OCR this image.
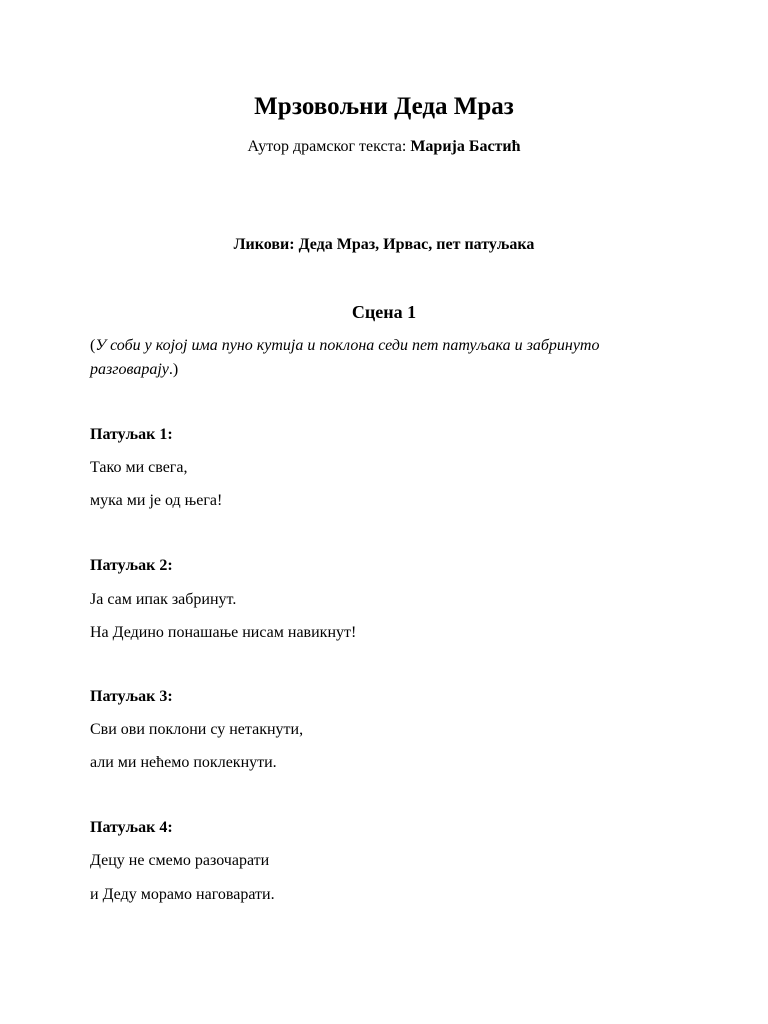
Мрзовољни Деда Мраз

Аутор драмског текста: Марија Бастић

Ликови: Деда Мраз, Ирвас, пет патуљака

Сцена 1

(У соби у којој има пуно кутија и поклона седи пет патуљака и забринуто разговарају.)

Патуљак 1:

Тако ми свега,

мука ми је од њега!

Патуљак 2:

Ја сам ипак забринут.

На Дедино понашање нисам навикнут!

Патуљак 3:

Сви ови поклони су нетакнути,

али ми нећемо поклекнути.

Патуљак 4:

Децу не смемо разочарати

и Деду морамо наговарати.
